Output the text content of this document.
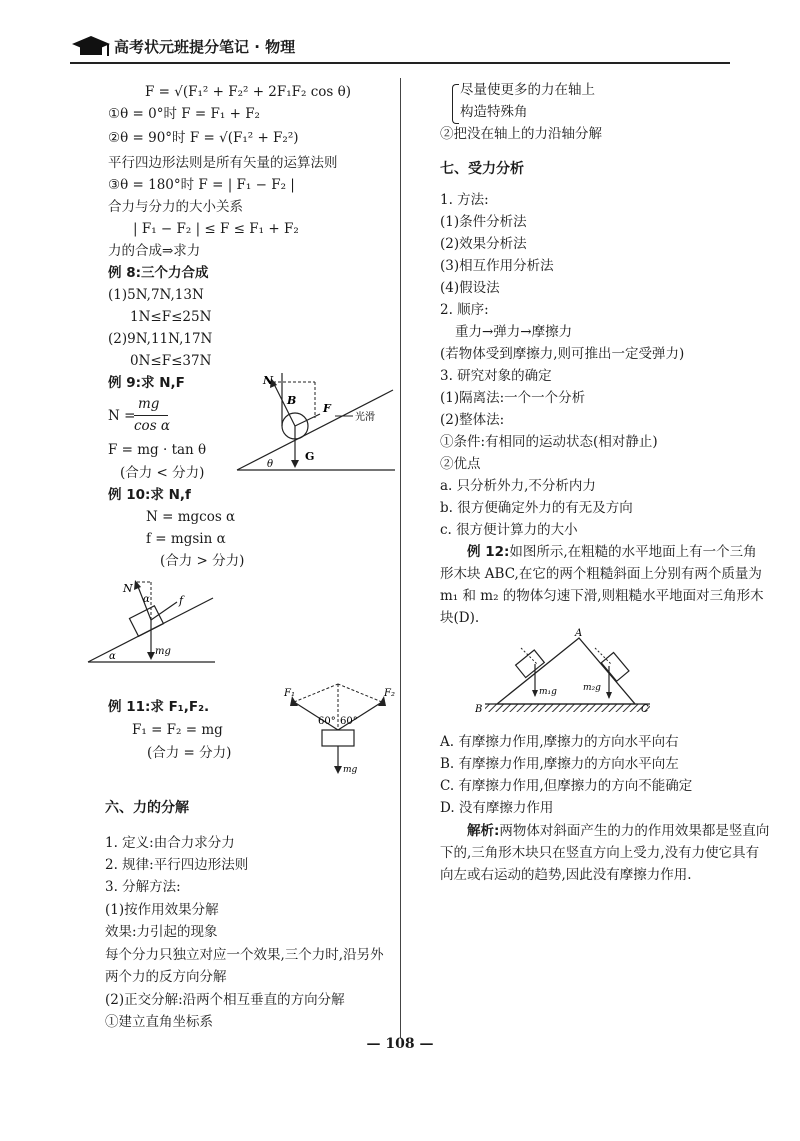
高考状元班提分笔记 · 物理
F = √(F₁² + F₂² + 2F₁F₂ cos θ)
①θ = 0°时 F = F₁ + F₂
②θ = 90°时 F = √(F₁² + F₂²)
平行四边形法则是所有矢量的运算法则
③θ = 180°时 F = | F₁ − F₂ |
合力与分力的大小关系
| F₁ − F₂ | ≤ F ≤ F₁ + F₂
力的合成⇒求力
例 8:三个力合成
(1)5N,7N,13N
1N≤F≤25N
(2)9N,11N,17N
0N≤F≤37N
例 9:求 N,F
N =
mg
cos α
F = mg · tan θ
(合力 < 分力)
例 10:求 N,f
N = mgcos α
f = mgsin α
(合力 > 分力)
例 11:求 F₁,F₂.
F₁ = F₂ = mg
(合力 = 分力)
六、力的分解
1. 定义:由合力求分力
2. 规律:平行四边形法则
3. 分解方法:
(1)按作用效果分解
效果:力引起的现象
每个分力只独立对应一个效果,三个力时,沿另外两个力的反方向分解
(2)正交分解:沿两个相互垂直的方向分解
①建立直角坐标系
N
B
F
光滑
G
θ
N
α	f
mg
α
F₁	F₂
60° 60°
mg
尽量使更多的力在轴上
构造特殊角
②把没在轴上的力沿轴分解
七、受力分析
1. 方法:
(1)条件分析法
(2)效果分析法
(3)相互作用分析法
(4)假设法
2. 顺序:
重力→弹力→摩擦力
(若物体受到摩擦力,则可推出一定受弹力)
3. 研究对象的确定
(1)隔离法:一个一个分析
(2)整体法:
①条件:有相同的运动状态(相对静止)
②优点
a. 只分析外力,不分析内力
b. 很方便确定外力的有无及方向
c. 很方便计算力的大小
例 12:如图所示,在粗糙的水平地面上有一个三角形木块 ABC,在它的两个粗糙斜面上分别有两个质量为 m₁ 和 m₂ 的物体匀速下滑,则粗糙水平地面对三角形木块(D).
A. 有摩擦力作用,摩擦力的方向水平向右
B. 有摩擦力作用,摩擦力的方向水平向左
C. 有摩擦力作用,但摩擦力的方向不能确定
D. 没有摩擦力作用
解析:两物体对斜面产生的力的作用效果都是竖直向下的,三角形木块只在竖直方向上受力,没有力使它具有向左或右运动的趋势,因此没有摩擦力作用.
A
B	C
m₁g	m₂g
— 108 —
